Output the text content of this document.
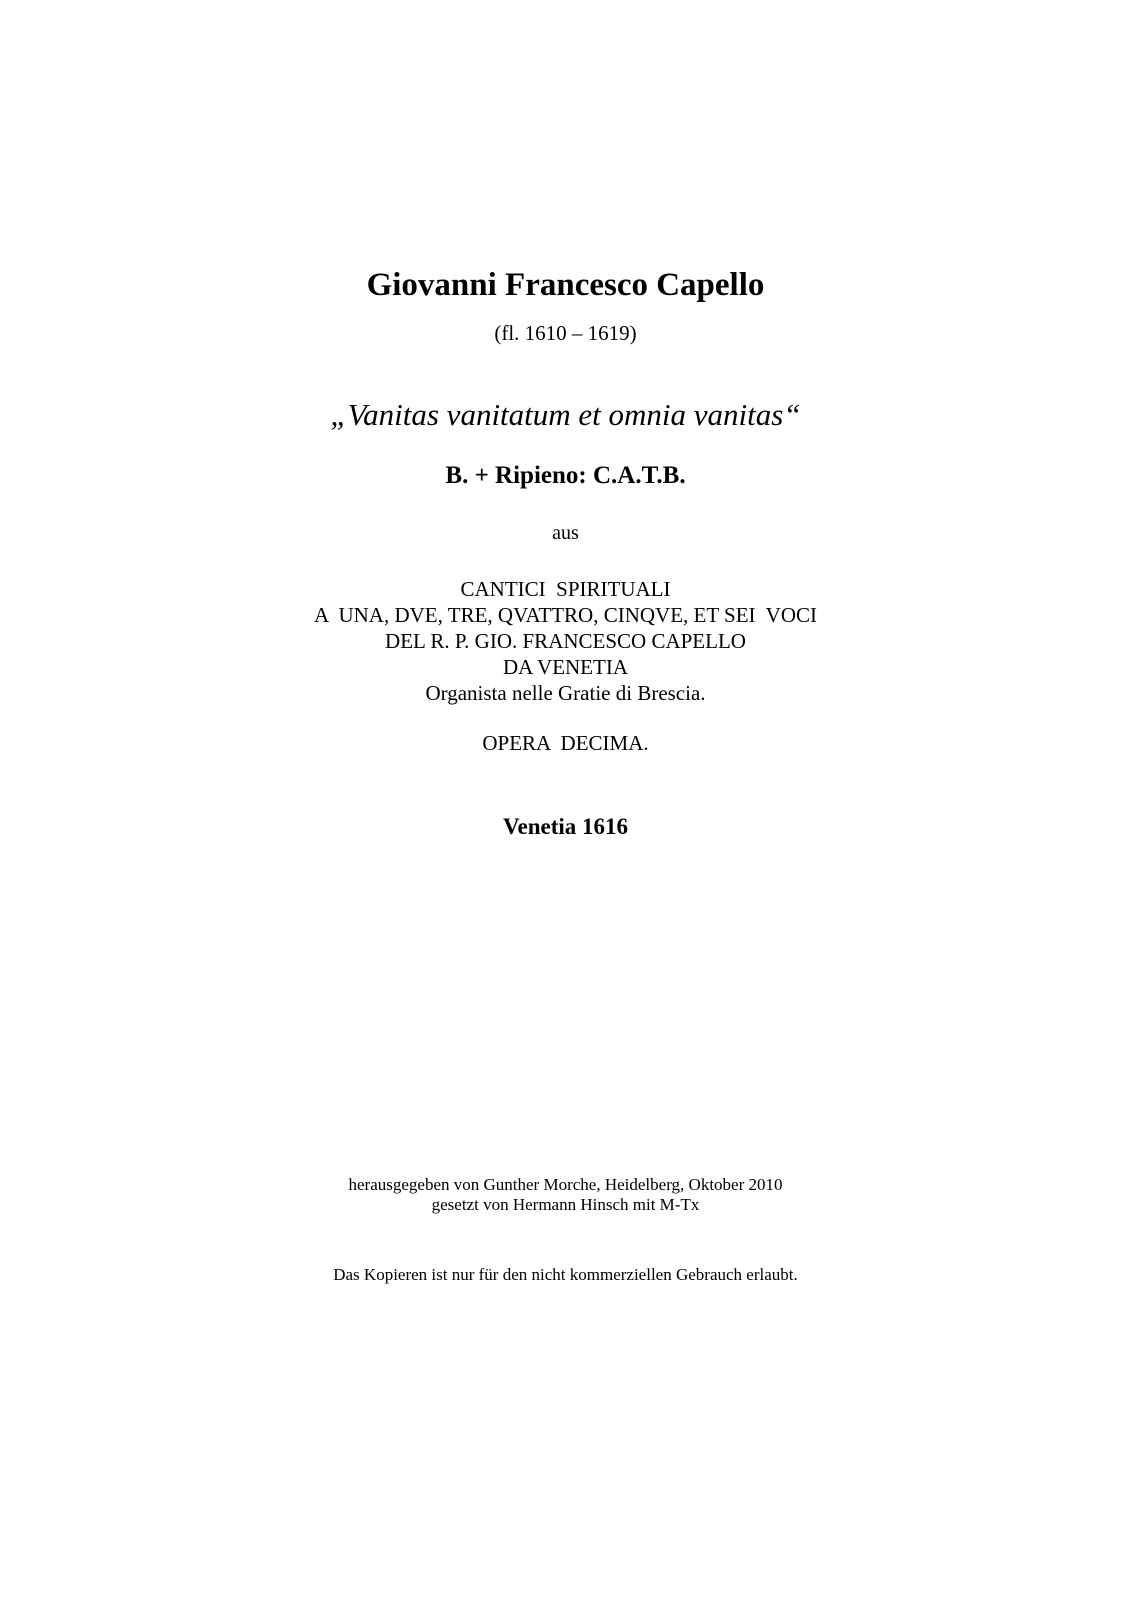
Giovanni Francesco Capello
(fl. 1610 – 1619)
„Vanitas vanitatum et omnia vanitas“
B. + Ripieno: C.A.T.B.
aus
CANTICI  SPIRITUALI
A  UNA, DVE, TRE, QVATTRO, CINQVE, ET SEI  VOCI
DEL R. P. GIO. FRANCESCO CAPELLO
DA VENETIA
Organista nelle Gratie di Brescia.
OPERA  DECIMA.
Venetia 1616
herausgegeben von Gunther Morche, Heidelberg, Oktober 2010
gesetzt von Hermann Hinsch mit M-Tx
Das Kopieren ist nur für den nicht kommerziellen Gebrauch erlaubt.
